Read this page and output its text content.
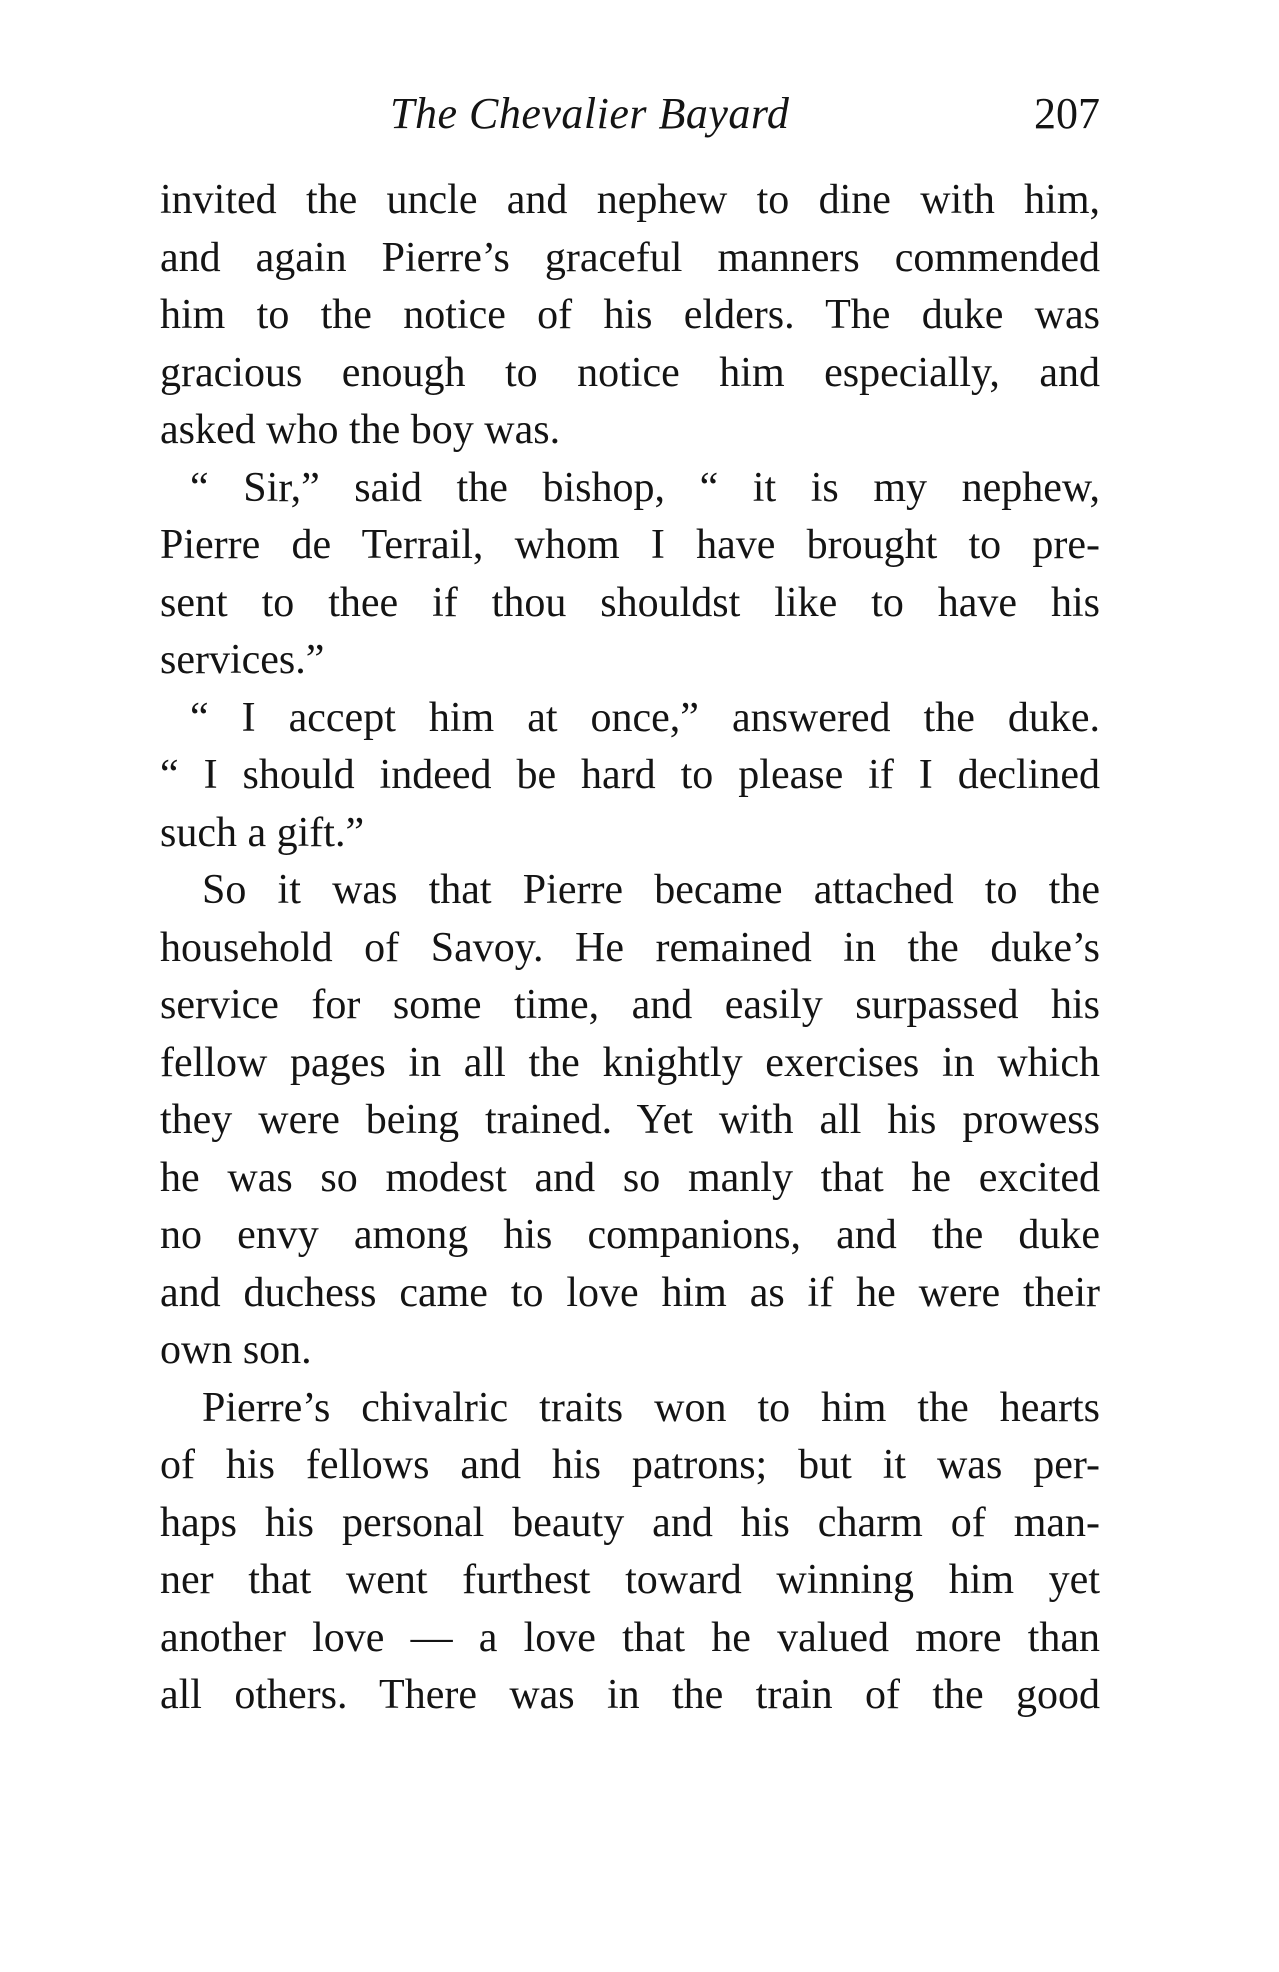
The Chevalier Bayard	207
invited the uncle and nephew to dine with him,
and again Pierre’s graceful manners commended
him to the notice of his elders. The duke was
gracious enough to notice him especially, and
asked who the boy was.
“ Sir,” said the bishop, “ it is my nephew,
Pierre de Terrail, whom I have brought to pre-
sent to thee if thou shouldst like to have his
services.”
“ I accept him at once,” answered the duke.
“ I should indeed be hard to please if I declined
such a gift.”
So it was that Pierre became attached to the
household of Savoy. He remained in the duke’s
service for some time, and easily surpassed his
fellow pages in all the knightly exercises in which
they were being trained. Yet with all his prowess
he was so modest and so manly that he excited
no envy among his companions, and the duke
and duchess came to love him as if he were their
own son.
Pierre’s chivalric traits won to him the hearts
of his fellows and his patrons; but it was per-
haps his personal beauty and his charm of man-
ner that went furthest toward winning him yet
another love — a love that he valued more than
all others. There was in the train of the good
